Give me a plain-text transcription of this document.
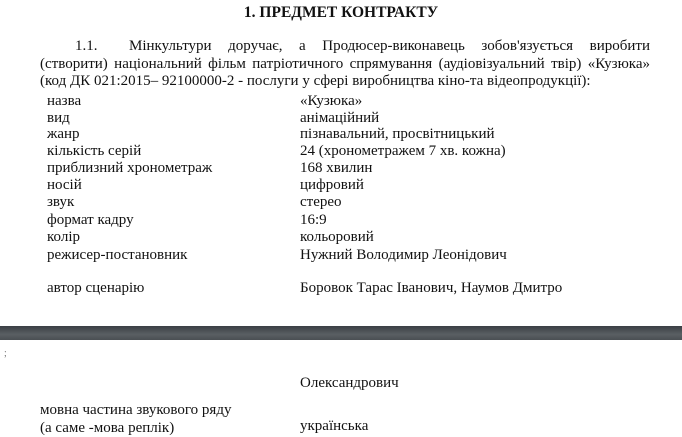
1. ПРЕДМЕТ КОНТРАКТУ
1.1. Мінкультури доручає, а Продюсер-виконавець зобов'язується виробити
(створити) національний фільм патріотичного спрямування (аудіовізуальний твір) «Кузюка»
(код ДК 021:2015– 92100000-2 - послуги у сфері виробництва кіно-та відеопродукції):
назва	«Кузюка»
вид	анімаційний
жанр	пізнавальний, просвітницький
кількість серій	24 (хронометражем 7 хв. кожна)
приблизний хронометраж	168 хвилин
носій	цифровий
звук	стерео
формат кадру	16:9
колір	кольоровий
режисер-постановник	Нужний Володимир Леонідович
автор сценарію	Боровок Тарас Іванович, Наумов Дмитро
;
Олександрович
мовна частина звукового ряду
(а саме -мова реплік)	українська
